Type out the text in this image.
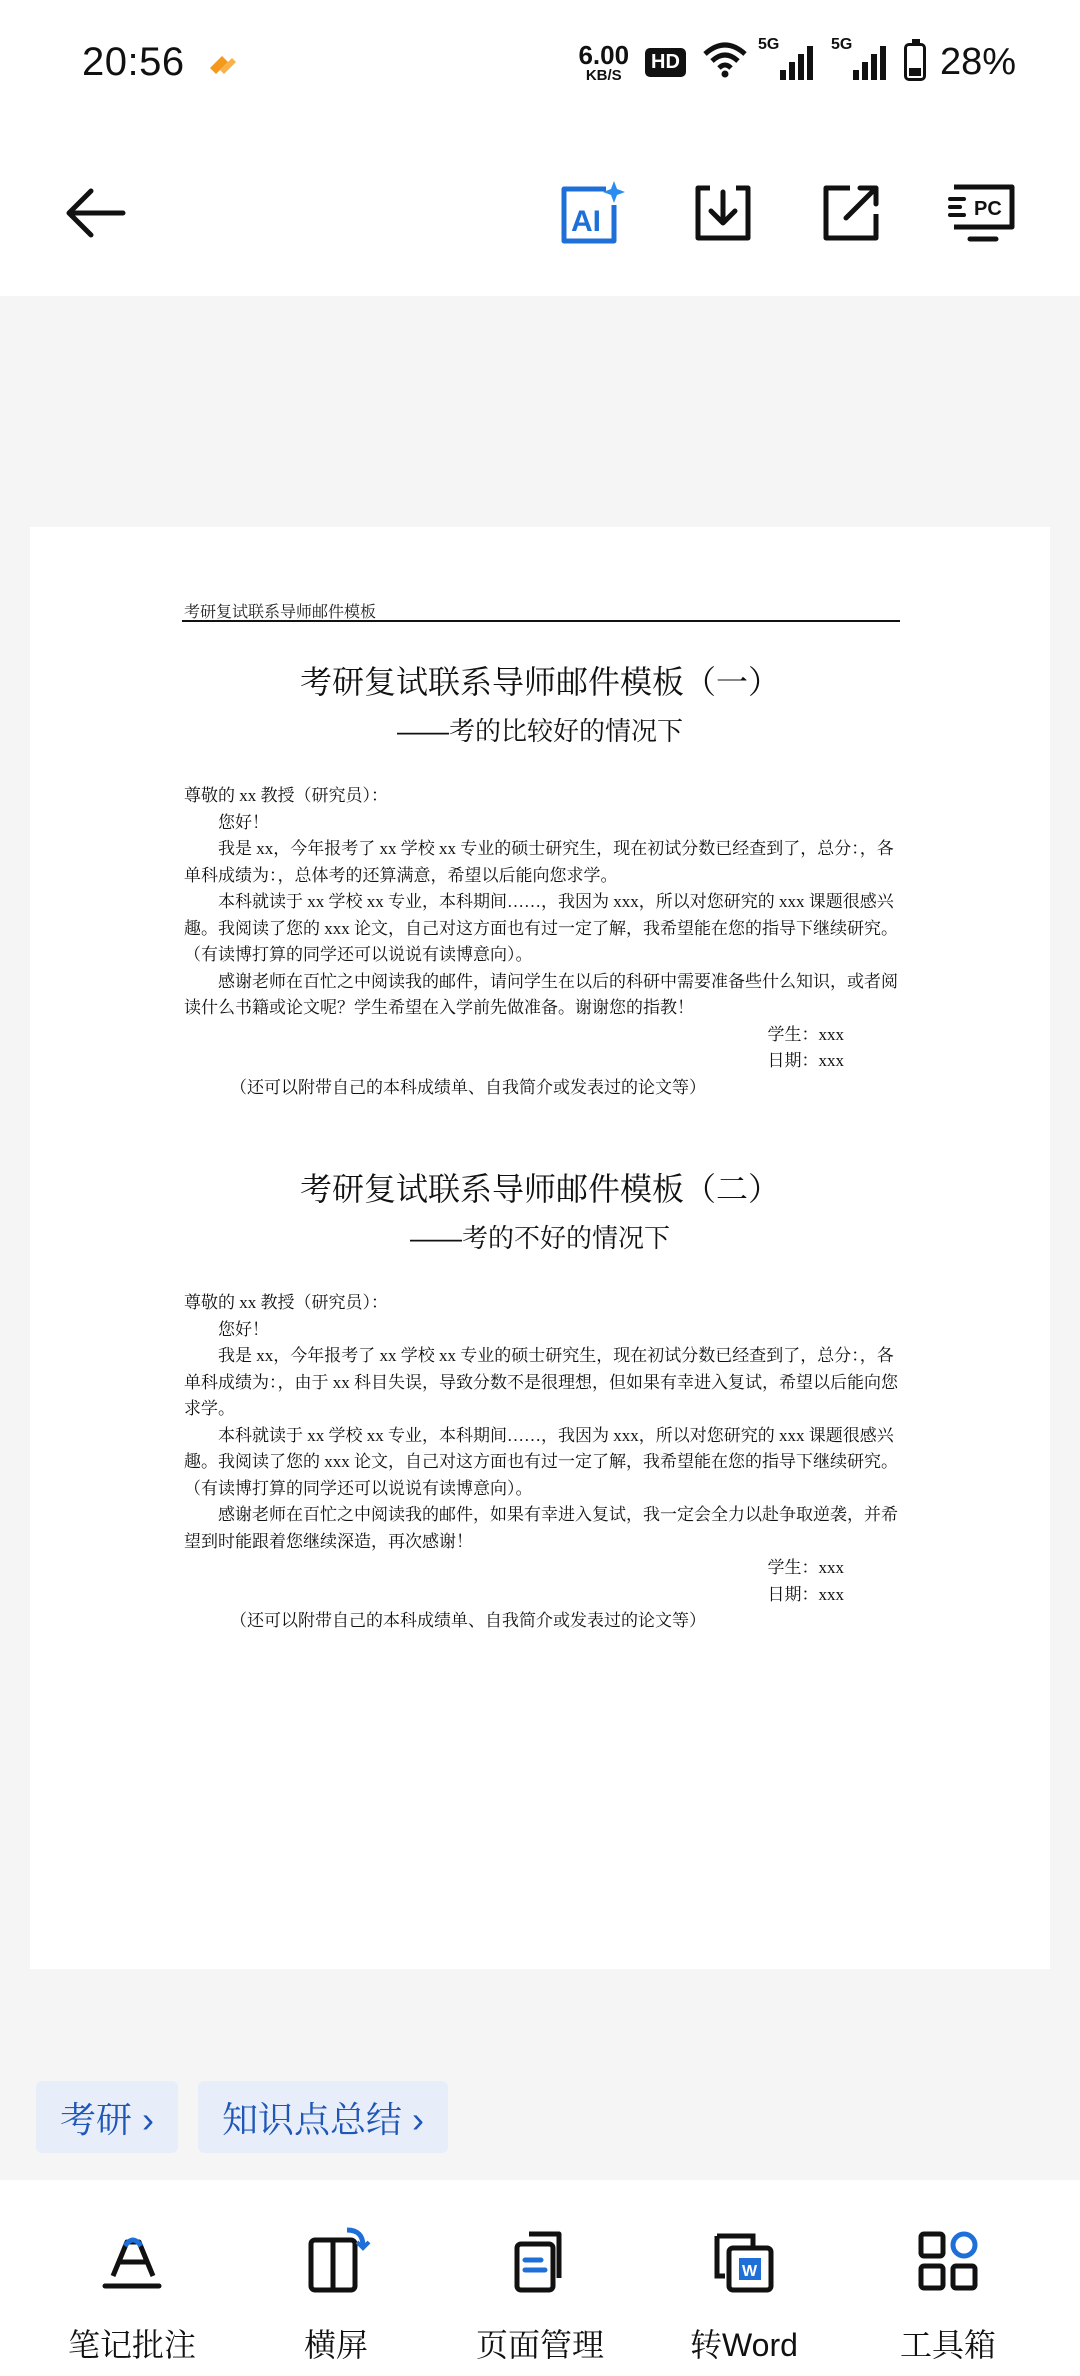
20:56	6.00
KB/S
HD
5G	5G 28%
AI	PC
考研复试联系导师邮件模板
考研复试联系导师邮件模板（一）
——考的比较好的情况下

尊敬的 xx 教授（研究员）：

您好！

我是 xx，今年报考了 xx 学校 xx 专业的硕士研究生，现在初试分数已经查到了，总分：，各单科成绩为：，总体考的还算满意，希望以后能向您求学。

本科就读于 xx 学校 xx 专业，本科期间……，我因为 xxx，所以对您研究的 xxx 课题很感兴趣。我阅读了您的 xxx 论文，自己对这方面也有过一定了解，我希望能在您的指导下继续研究。（有读博打算的同学还可以说说有读博意向）。

感谢老师在百忙之中阅读我的邮件，请问学生在以后的科研中需要准备些什么知识，或者阅读什么书籍或论文呢？学生希望在入学前先做准备。谢谢您的指教！

学生：xxx

日期：xxx

（还可以附带自己的本科成绩单、自我简介或发表过的论文等）

考研复试联系导师邮件模板（二）
——考的不好的情况下

尊敬的 xx 教授（研究员）：

您好！

我是 xx，今年报考了 xx 学校 xx 专业的硕士研究生，现在初试分数已经查到了，总分：，各单科成绩为：，由于 xx 科目失误，导致分数不是很理想，但如果有幸进入复试，希望以后能向您求学。

本科就读于 xx 学校 xx 专业，本科期间……，我因为 xxx，所以对您研究的 xxx 课题很感兴趣。我阅读了您的 xxx 论文，自己对这方面也有过一定了解，我希望能在您的指导下继续研究。（有读博打算的同学还可以说说有读博意向）。

感谢老师在百忙之中阅读我的邮件，如果有幸进入复试，我一定会全力以赴争取逆袭，并希望到时能跟着您继续深造，再次感谢！

学生：xxx

日期：xxx

（还可以附带自己的本科成绩单、自我简介或发表过的论文等）

考研 ›	知识点总结 ›
笔记批注	横屏	页面管理
W
转Word	工具箱
